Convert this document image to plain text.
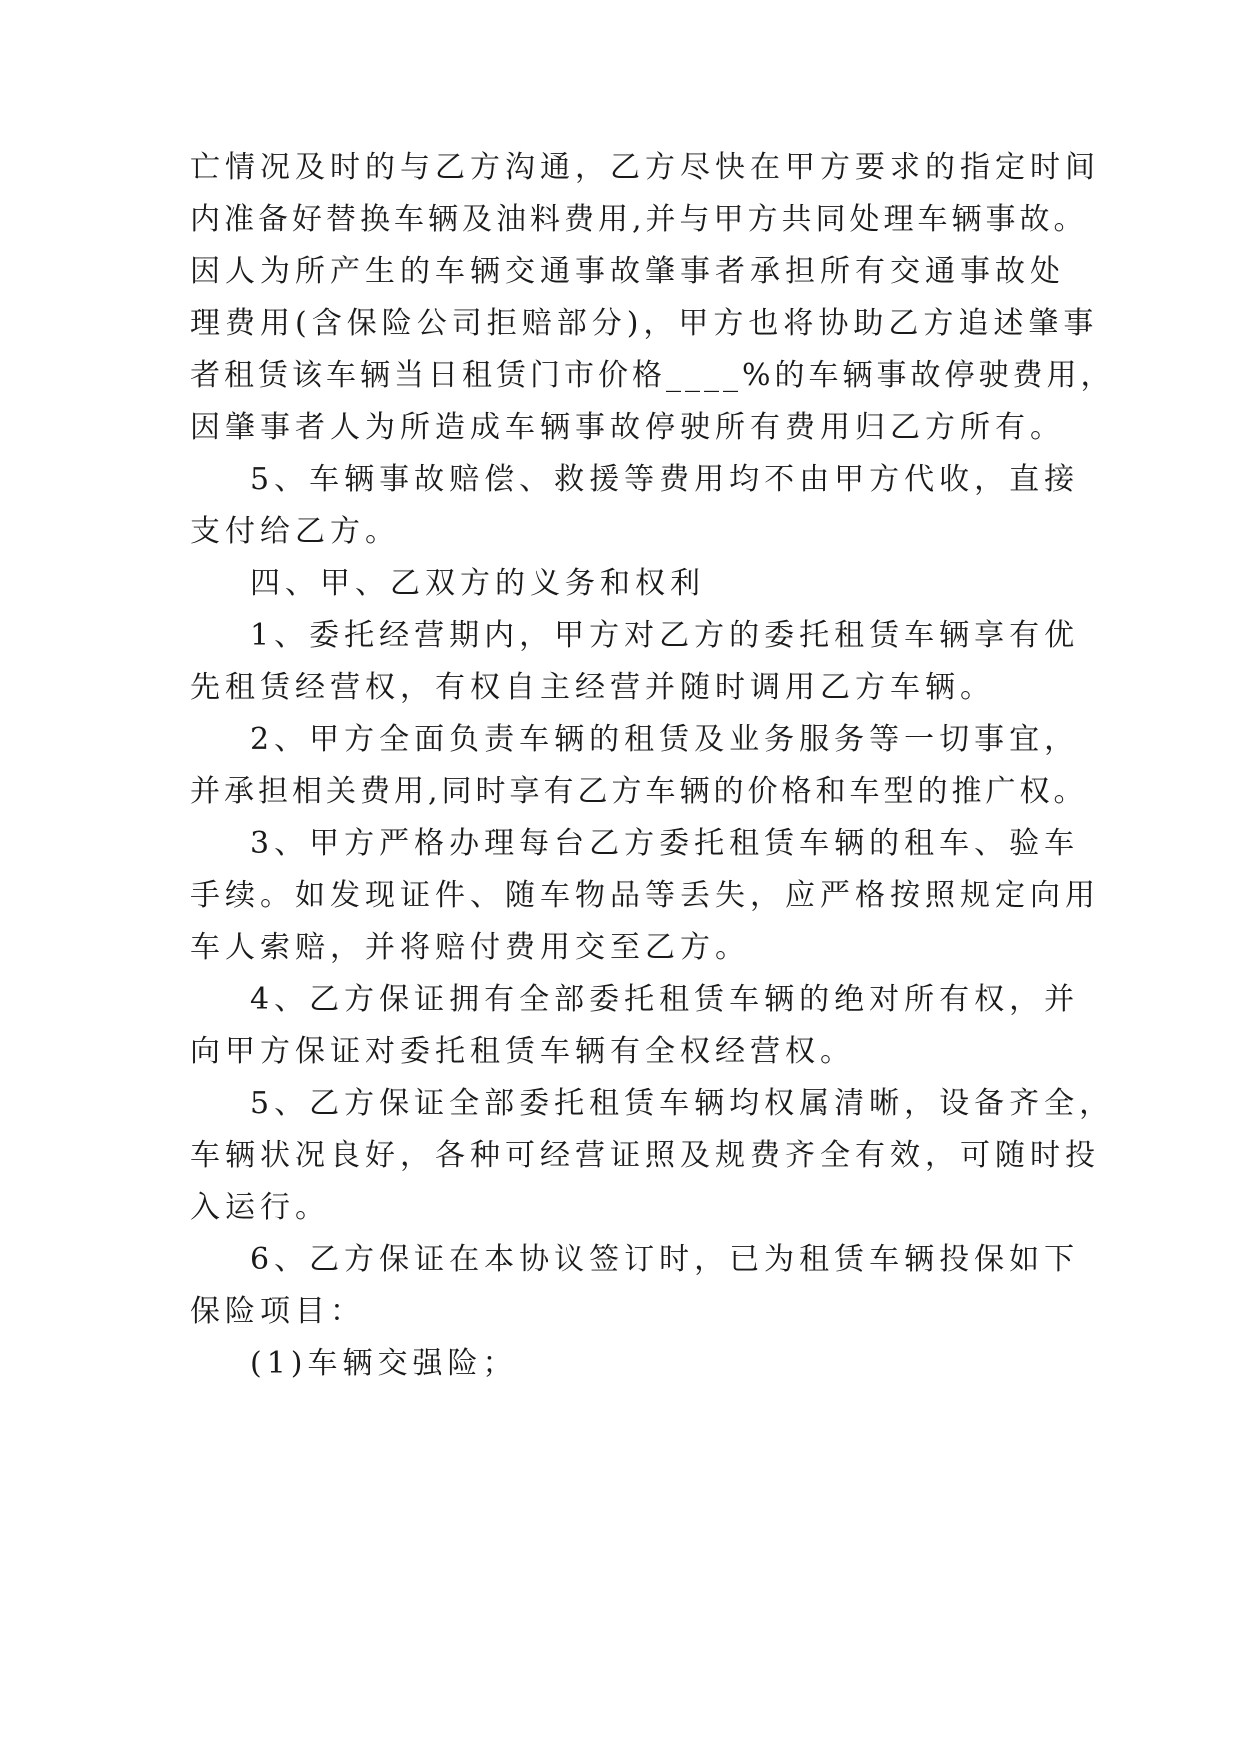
亡情况及时的与乙方沟通，乙方尽快在甲方要求的指定时间
内准备好替换车辆及油料费用,并与甲方共同处理车辆事故。
因人为所产生的车辆交通事故肇事者承担所有交通事故处
理费用(含保险公司拒赔部分)，甲方也将协助乙方追述肇事
者租赁该车辆当日租赁门市价格____%的车辆事故停驶费用，
因肇事者人为所造成车辆事故停驶所有费用归乙方所有。
5、车辆事故赔偿、救援等费用均不由甲方代收，直接
支付给乙方。
四、甲、乙双方的义务和权利
1、委托经营期内，甲方对乙方的委托租赁车辆享有优
先租赁经营权，有权自主经营并随时调用乙方车辆。
2、甲方全面负责车辆的租赁及业务服务等一切事宜，
并承担相关费用,同时享有乙方车辆的价格和车型的推广权。
3、甲方严格办理每台乙方委托租赁车辆的租车、验车
手续。如发现证件、随车物品等丢失，应严格按照规定向用
车人索赔，并将赔付费用交至乙方。
4、乙方保证拥有全部委托租赁车辆的绝对所有权，并
向甲方保证对委托租赁车辆有全权经营权。
5、乙方保证全部委托租赁车辆均权属清晰，设备齐全，
车辆状况良好，各种可经营证照及规费齐全有效，可随时投
入运行。
6、乙方保证在本协议签订时，已为租赁车辆投保如下
保险项目：
(1)车辆交强险；
